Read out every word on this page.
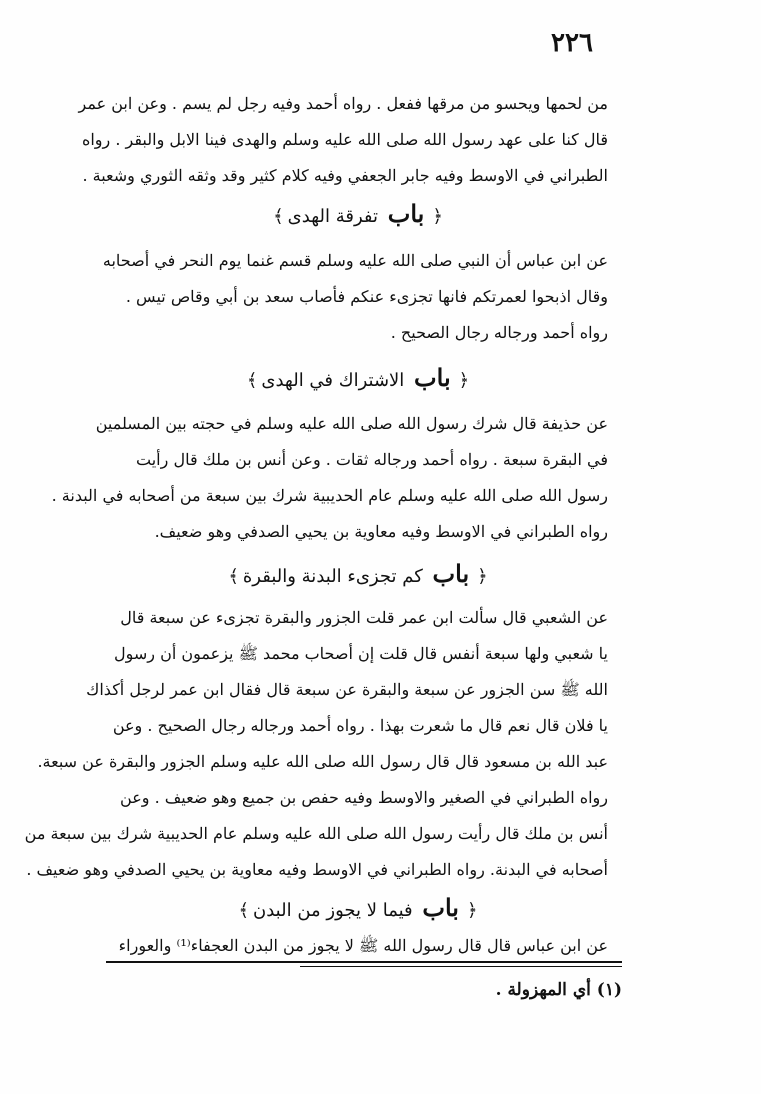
٢٢٦
من لحمها ويحسو من مرقها ففعل . رواه أحمد وفيه رجل لم يسم . وعن ابن عمر
قال كنا على عهد رسول الله صلى الله عليه وسلم والهدى فينا الابل والبقر . رواه
الطبراني في الاوسط وفيه جابر الجعفي وفيه كلام كثير وقد وثقه الثوري وشعبة .
﴿باب تفرقة الهدى﴾
عن ابن عباس أن النبي صلى الله عليه وسلم قسم غنما يوم النحر في أصحابه
وقال اذبحوا لعمرتكم فانها تجزىء عنكم فأصاب سعد بن أبي وقاص تيس .
رواه أحمد ورجاله رجال الصحيح .
﴿باب الاشتراك في الهدى﴾
عن حذيفة قال شرك رسول الله صلى الله عليه وسلم في حجته بين المسلمين
في البقرة سبعة . رواه أحمد ورجاله ثقات . وعن أنس بن ملك قال رأيت
رسول الله صلى الله عليه وسلم عام الحديبية شرك بين سبعة من أصحابه في البدنة .
رواه الطبراني في الاوسط وفيه معاوية بن يحيي الصدفي وهو ضعيف.
﴿باب كم تجزىء البدنة والبقرة﴾
عن الشعبي قال سألت ابن عمر قلت الجزور والبقرة تجزىء عن سبعة قال
يا شعبي ولها سبعة أنفس قال قلت إن أصحاب محمد ﷺ يزعمون أن رسول
الله ﷺ سن الجزور عن سبعة والبقرة عن سبعة قال فقال ابن عمر لرجل أكذاك
يا فلان قال نعم قال ما شعرت بهذا . رواه أحمد ورجاله رجال الصحيح . وعن
عبد الله بن مسعود قال قال رسول الله صلى الله عليه وسلم الجزور والبقرة عن سبعة.
رواه الطبراني في الصغير والاوسط وفيه حفص بن جميع وهو ضعيف . وعن
أنس بن ملك قال رأيت رسول الله صلى الله عليه وسلم عام الحديبية شرك بين سبعة من
أصحابه في البدنة. رواه الطبراني في الاوسط وفيه معاوية بن يحيي الصدفي وهو ضعيف .
﴿باب فيما لا يجوز من البدن﴾
عن ابن عباس قال قال رسول الله ﷺ لا يجوز من البدن العجفاء⁽¹⁾ والعوراء
(١) أي المهزولة .
